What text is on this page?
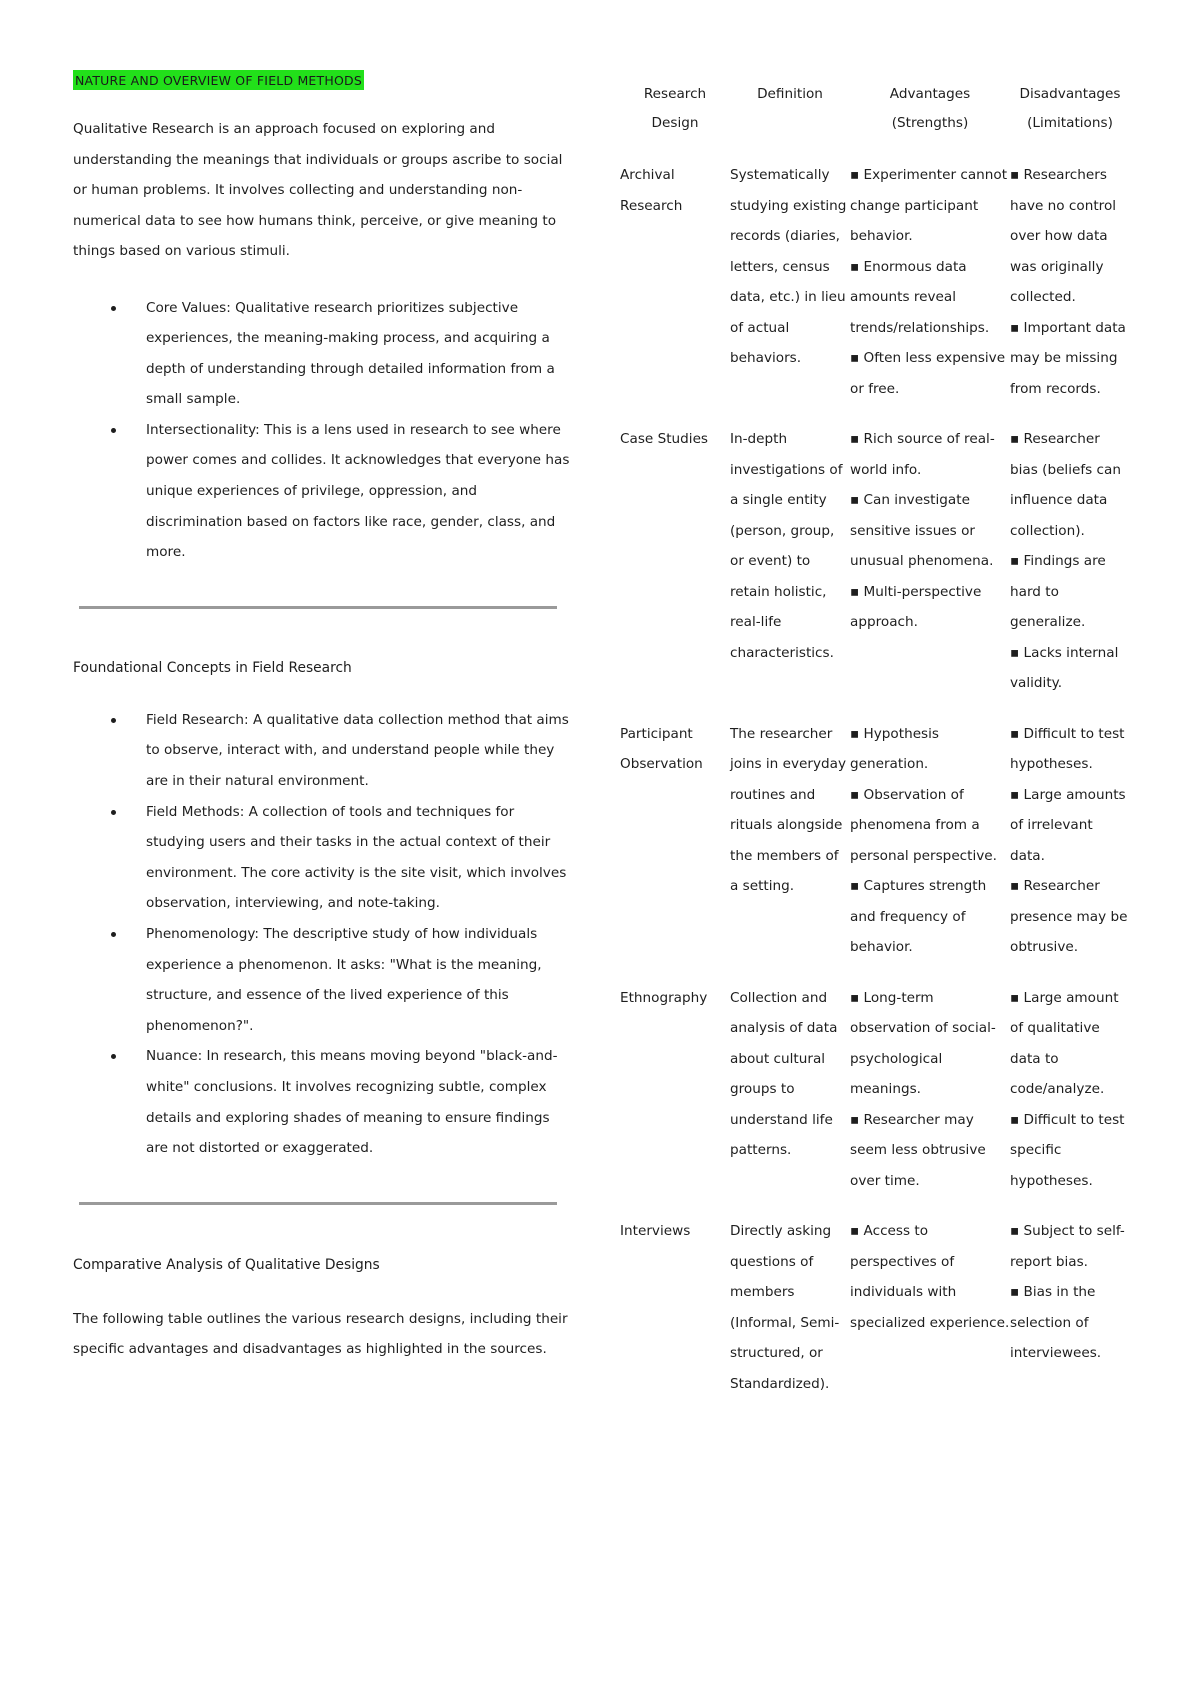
NATURE AND OVERVIEW OF FIELD METHODS

Qualitative Research is an approach focused on exploring and understanding the meanings that individuals or groups ascribe to social or human problems. It involves collecting and understanding non-numerical data to see how humans think, perceive, or give meaning to things based on various stimuli.

Core Values: Qualitative research prioritizes subjective experiences, the meaning-making process, and acquiring a depth of understanding through detailed information from a small sample.
Intersectionality: This is a lens used in research to see where power comes and collides. It acknowledges that everyone has unique experiences of privilege, oppression, and discrimination based on factors like race, gender, class, and more.

Foundational Concepts in Field Research

Field Research: A qualitative data collection method that aims to observe, interact with, and understand people while they are in their natural environment.
Field Methods: A collection of tools and techniques for studying users and their tasks in the actual context of their environment. The core activity is the site visit, which involves observation, interviewing, and note-taking.
Phenomenology: The descriptive study of how individuals experience a phenomenon. It asks: "What is the meaning, structure, and essence of the lived experience of this phenomenon?".
Nuance: In research, this means moving beyond "black-and-white" conclusions. It involves recognizing subtle, complex details and exploring shades of meaning to ensure findings are not distorted or exaggerated.

Comparative Analysis of Qualitative Designs

The following table outlines the various research designs, including their specific advantages and disadvantages as highlighted in the sources.

Research Design	Definition	Advantages (Strengths)	Disadvantages (Limitations)
Archival Research	Systematically studying existing records (diaries, letters, census data, etc.) in lieu of actual behaviors.	▪ Experimenter cannot change participant behavior.
▪ Enormous data amounts reveal trends/relationships.
▪ Often less expensive or free.	▪ Researchers have no control over how data was originally collected.
▪ Important data may be missing from records.

Case Studies	In-depth investigations of a single entity (person, group, or event) to retain holistic, real-life characteristics.	▪ Rich source of real-world info.
▪ Can investigate sensitive issues or unusual phenomena.
▪ Multi-perspective approach.	▪ Researcher bias (beliefs can influence data collection).
▪ Findings are hard to generalize.
▪ Lacks internal validity.

Participant Observation	The researcher joins in everyday routines and rituals alongside the members of a setting.	▪ Hypothesis generation.
▪ Observation of phenomena from a personal perspective.
▪ Captures strength and frequency of behavior.	▪ Difficult to test hypotheses.
▪ Large amounts of irrelevant data.
▪ Researcher presence may be obtrusive.

Ethnography	Collection and analysis of data about cultural groups to understand life patterns.	▪ Long-term observation of social-psychological meanings.
▪ Researcher may seem less obtrusive over time.	▪ Large amount of qualitative data to code/analyze.
▪ Difficult to test specific hypotheses.

Interviews	Directly asking questions of members (Informal, Semi-structured, or Standardized).	▪ Access to perspectives of individuals with specialized experience.	▪ Subject to self-report bias.
▪ Bias in the selection of interviewees.
